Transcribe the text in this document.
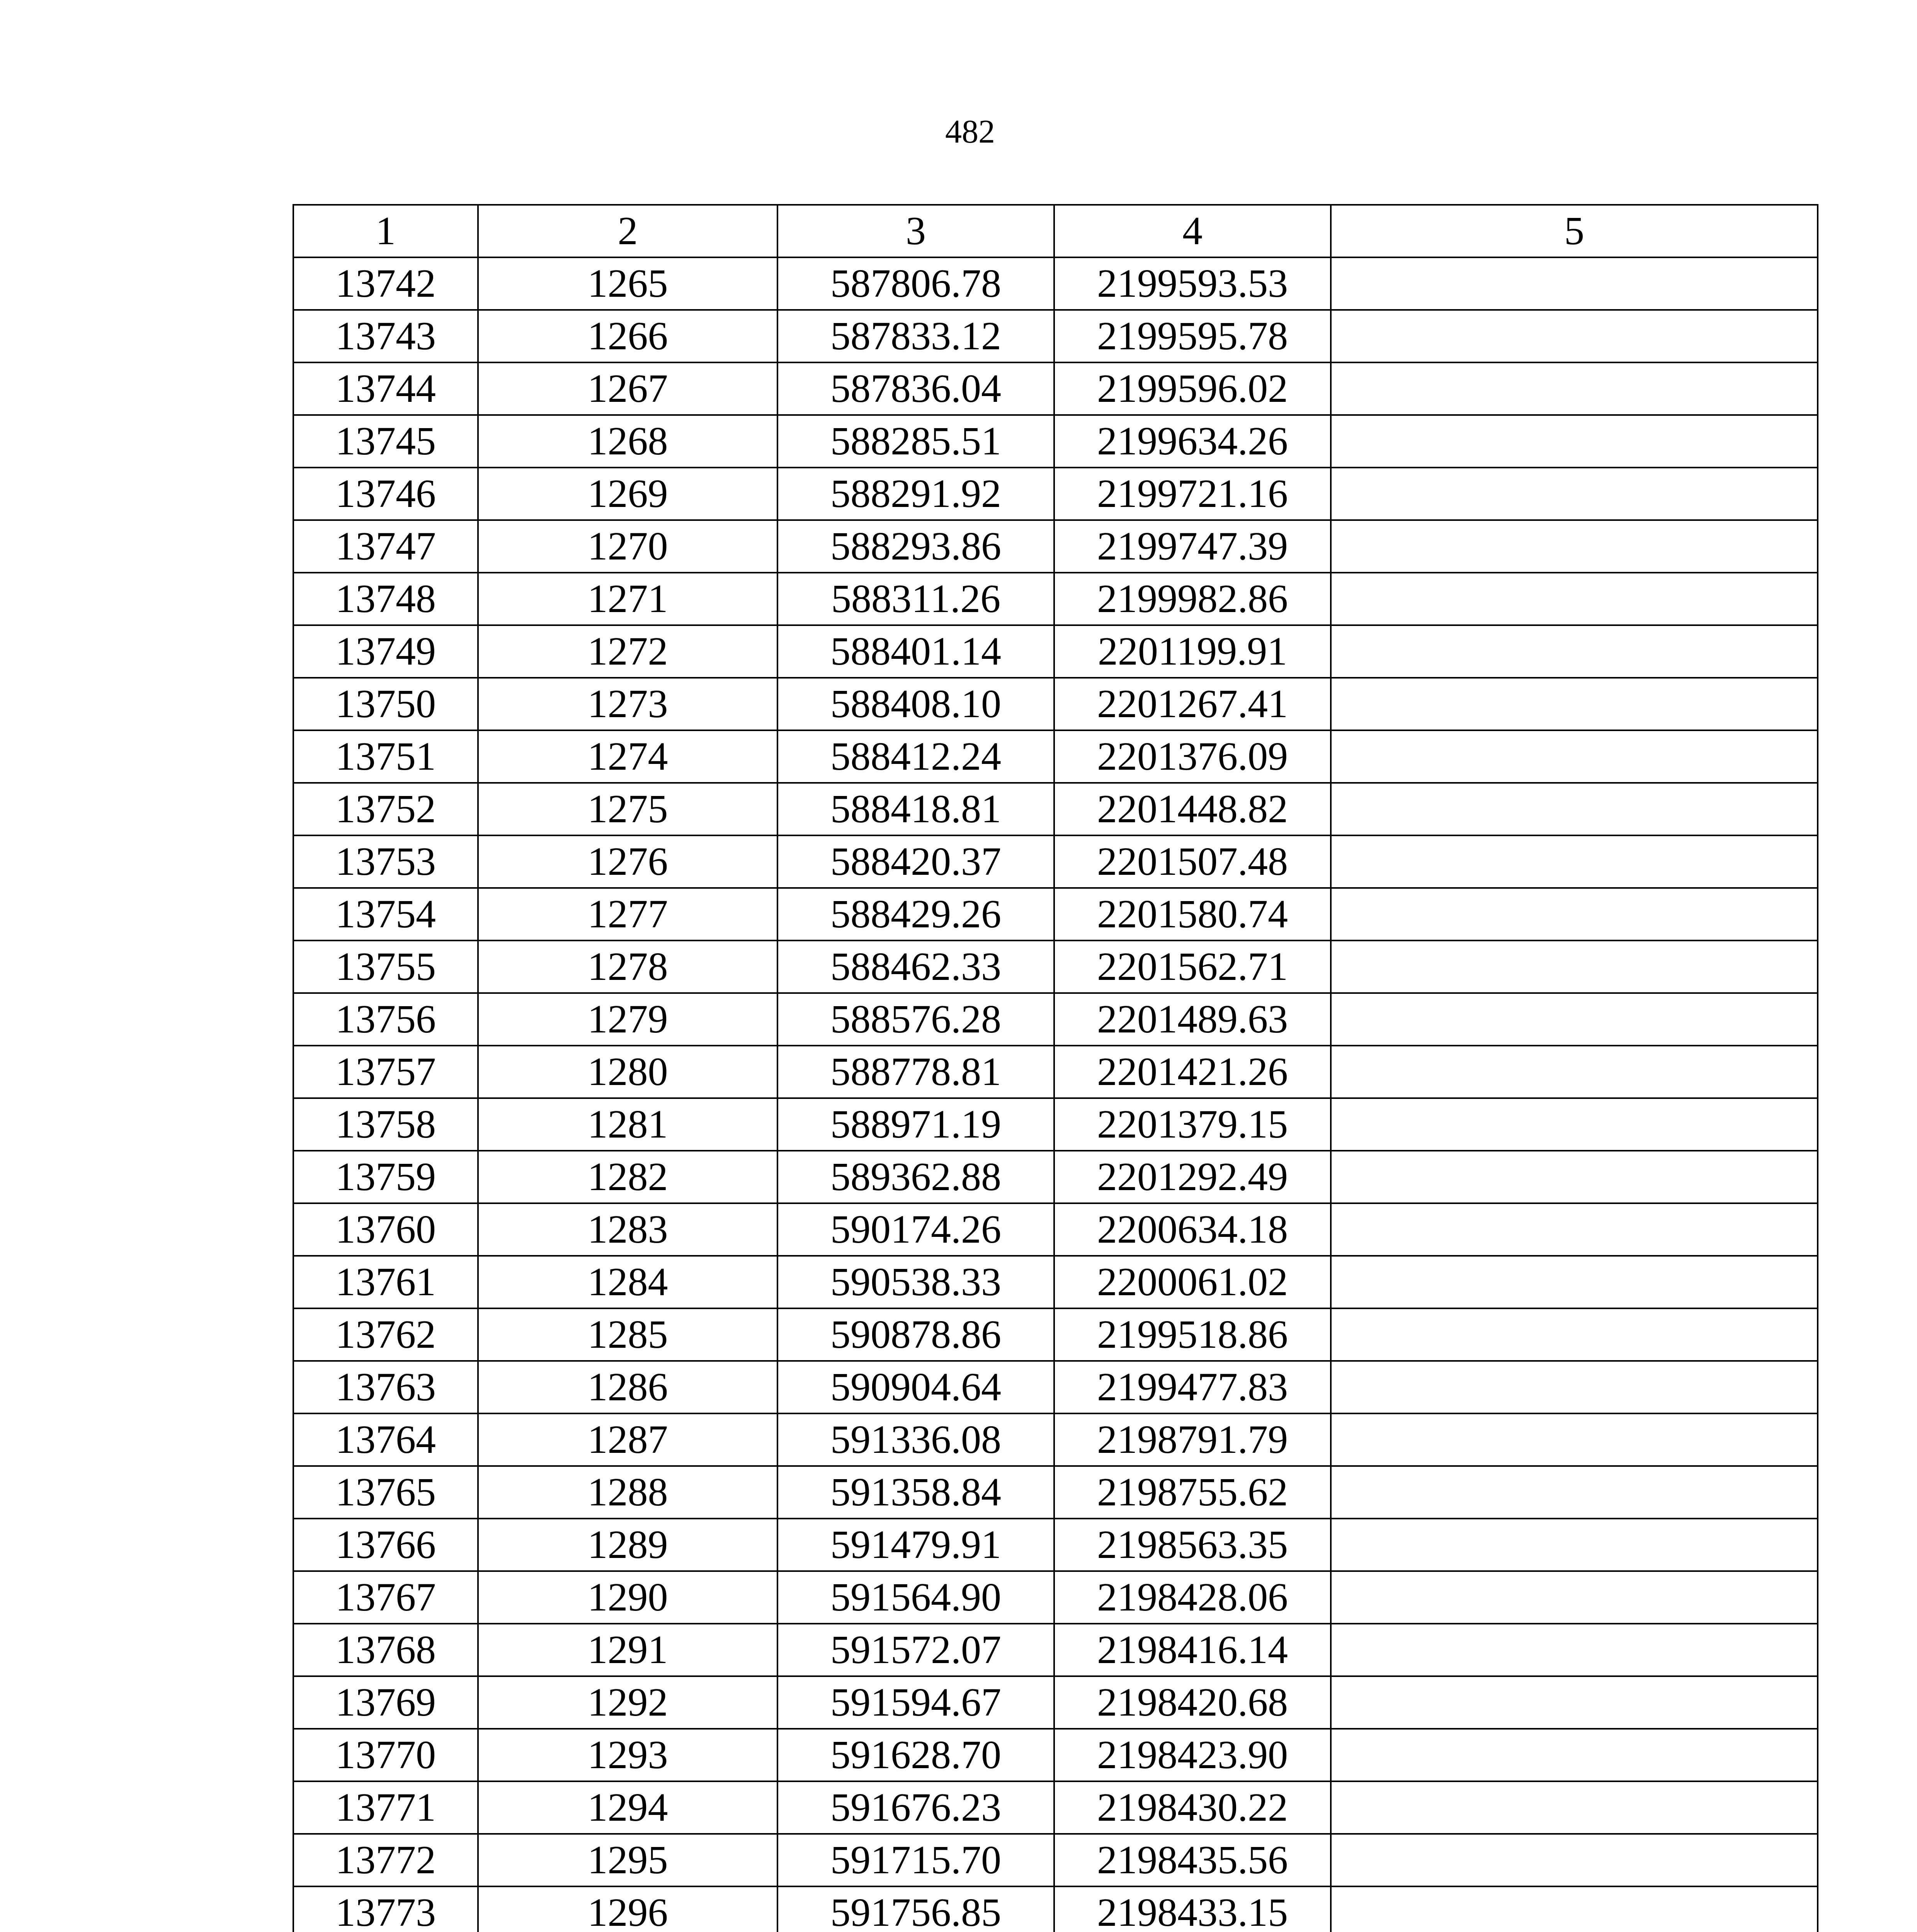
482
1	2	3	4	5
13742	1265	587806.78	2199593.53	
13743	1266	587833.12	2199595.78	
13744	1267	587836.04	2199596.02	
13745	1268	588285.51	2199634.26	
13746	1269	588291.92	2199721.16	
13747	1270	588293.86	2199747.39	
13748	1271	588311.26	2199982.86	
13749	1272	588401.14	2201199.91	
13750	1273	588408.10	2201267.41	
13751	1274	588412.24	2201376.09	
13752	1275	588418.81	2201448.82	
13753	1276	588420.37	2201507.48	
13754	1277	588429.26	2201580.74	
13755	1278	588462.33	2201562.71	
13756	1279	588576.28	2201489.63	
13757	1280	588778.81	2201421.26	
13758	1281	588971.19	2201379.15	
13759	1282	589362.88	2201292.49	
13760	1283	590174.26	2200634.18	
13761	1284	590538.33	2200061.02	
13762	1285	590878.86	2199518.86	
13763	1286	590904.64	2199477.83	
13764	1287	591336.08	2198791.79	
13765	1288	591358.84	2198755.62	
13766	1289	591479.91	2198563.35	
13767	1290	591564.90	2198428.06	
13768	1291	591572.07	2198416.14	
13769	1292	591594.67	2198420.68	
13770	1293	591628.70	2198423.90	
13771	1294	591676.23	2198430.22	
13772	1295	591715.70	2198435.56	
13773	1296	591756.85	2198433.15	
